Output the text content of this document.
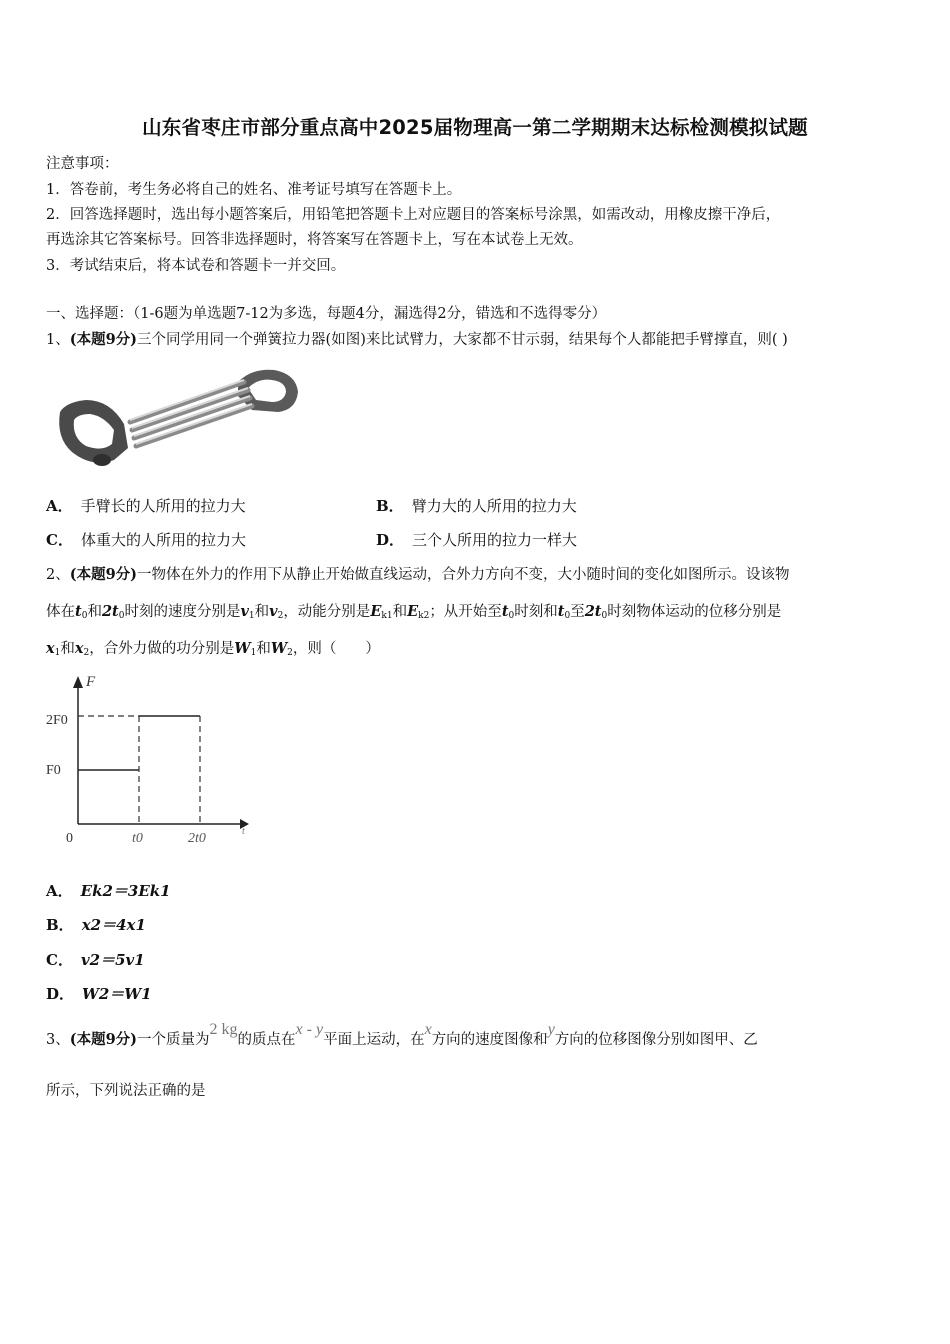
山东省枣庄市部分重点高中2025届物理高一第二学期期末达标检测模拟试题
注意事项：
1．答卷前，考生务必将自己的姓名、准考证号填写在答题卡上。
2．回答选择题时，选出每小题答案后，用铅笔把答题卡上对应题目的答案标号涂黑，如需改动，用橡皮擦干净后，
再选涂其它答案标号。回答非选择题时，将答案写在答题卡上，写在本试卷上无效。
3．考试结束后，将本试卷和答题卡一并交回。
一、选择题：（1-6题为单选题7-12为多选，每题4分，漏选得2分，错选和不选得零分）
1、(本题9分)三个同学用同一个弹簧拉力器(如图)来比试臂力，大家都不甘示弱，结果每个人都能把手臂撑直，则( )
A． 手臂长的人所用的拉力大	B． 臂力大的人所用的拉力大
C． 体重大的人所用的拉力大	D． 三个人所用的拉力一样大
2、(本题9分)一物体在外力的作用下从静止开始做直线运动，合外力方向不变，大小随时间的变化如图所示。设该物
体在$t_0$和$2t_0$时刻的速度分别是$v_1$和$v_2$，动能分别是$E_{k1}$和$E_{k2}$；从开始至$t_0$时刻和$t_0$至$2t_0$时刻物体运动的位移分别是
$x_1$和$x_2$，合外力做的功分别是$W_1$和$W_2$，则（　　）
F
2F0
F0
0	t0	2t0	t
A． Ek2＝3Ek1
B． x2＝4x1
C． v2＝5v1
D． W2＝W1
3、(本题9分)一个质量为2 kg的质点在x - y平面上运动，在x方向的速度图像和y方向的位移图像分别如图甲、乙
所示，下列说法正确的是
